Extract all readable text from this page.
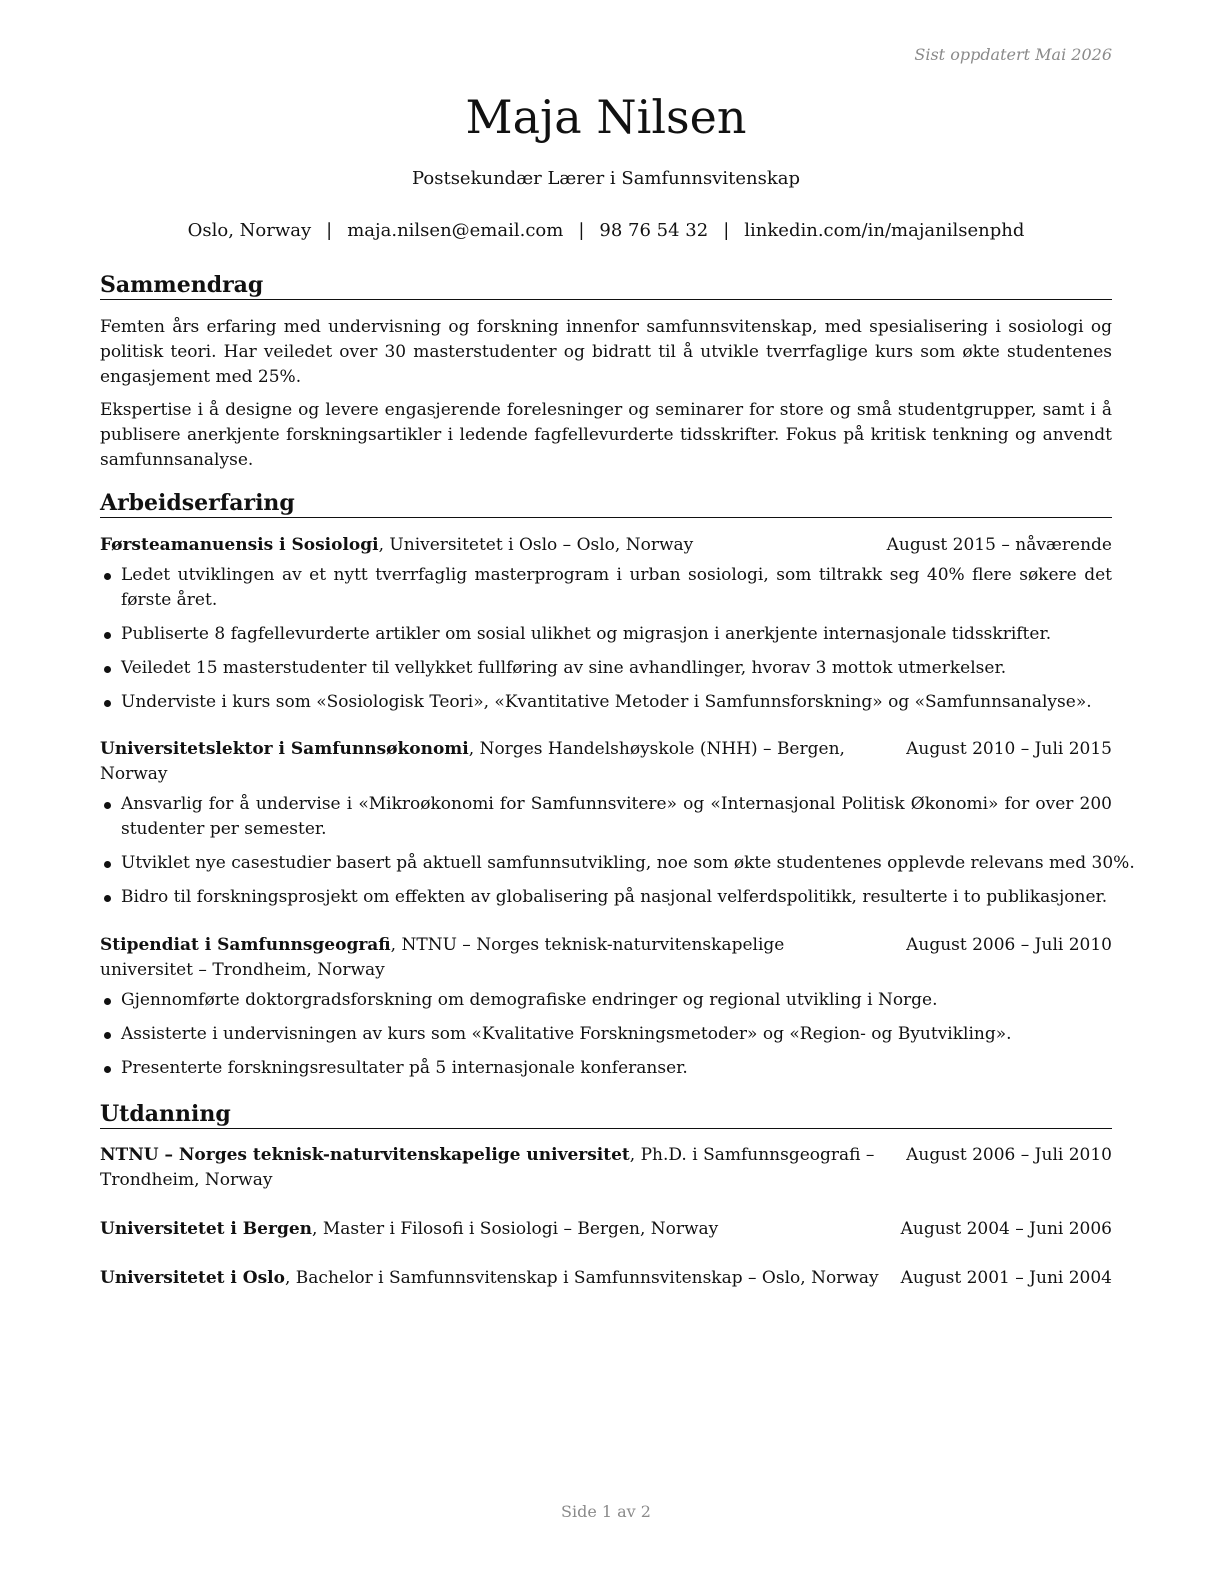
Sist oppdatert Mai 2026
Maja Nilsen
Postsekundær Lærer i Samfunnsvitenskap
Oslo, Norway | maja.nilsen@email.com | 98 76 54 32 | linkedin.com/in/majanilsenphd
Sammendrag
Femten års erfaring med undervisning og forskning innenfor samfunnsvitenskap, med spesialisering i sosiologi og politisk teori. Har veiledet over 30 masterstudenter og bidratt til å utvikle tverrfaglige kurs som økte studentenes engasjement med 25%.
Ekspertise i å designe og levere engasjerende forelesninger og seminarer for store og små studentgrupper, samt i å publisere anerkjente forskningsartikler i ledende fagfellevurderte tidsskrifter. Fokus på kritisk tenkning og anvendt samfunnsanalyse.
Arbeidserfaring
Førsteamanuensis i Sosiologi, Universitetet i Oslo – Oslo, Norway	August 2015 – nåværende
Ledet utviklingen av et nytt tverrfaglig masterprogram i urban sosiologi, som tiltrakk seg 40% flere søkere det første året.
Publiserte 8 fagfellevurderte artikler om sosial ulikhet og migrasjon i anerkjente internasjonale tidsskrifter.
Veiledet 15 masterstudenter til vellykket fullføring av sine avhandlinger, hvorav 3 mottok utmerkelser.
Underviste i kurs som «Sosiologisk Teori», «Kvantitative Metoder i Samfunnsforskning» og «Samfunnsanalyse».
Universitetslektor i Samfunnsøkonomi, Norges Handelshøyskole (NHH) – Bergen, Norway
August 2010 – Juli 2015
Ansvarlig for å undervise i «Mikroøkonomi for Samfunnsvitere» og «Internasjonal Politisk Økonomi» for over 200 studenter per semester.
Utviklet nye casestudier basert på aktuell samfunnsutvikling, noe som økte studentenes opplevde relevans med 30%.
Bidro til forskningsprosjekt om effekten av globalisering på nasjonal velferdspolitikk, resulterte i to publikasjoner.
Stipendiat i Samfunnsgeografi, NTNU – Norges teknisk-naturvitenskapelige universitet – Trondheim, Norway
August 2006 – Juli 2010
Gjennomførte doktorgradsforskning om demografiske endringer og regional utvikling i Norge.
Assisterte i undervisningen av kurs som «Kvalitative Forskningsmetoder» og «Region- og Byutvikling».
Presenterte forskningsresultater på 5 internasjonale konferanser.
Utdanning
NTNU – Norges teknisk-naturvitenskapelige universitet, Ph.D. i Samfunnsgeografi – Trondheim, Norway
August 2006 – Juli 2010
Universitetet i Bergen, Master i Filosofi i Sosiologi – Bergen, Norway	August 2004 – Juni 2006
Universitetet i Oslo, Bachelor i Samfunnsvitenskap i Samfunnsvitenskap – Oslo, Norway August 2001 – Juni 2004
Side 1 av 2
